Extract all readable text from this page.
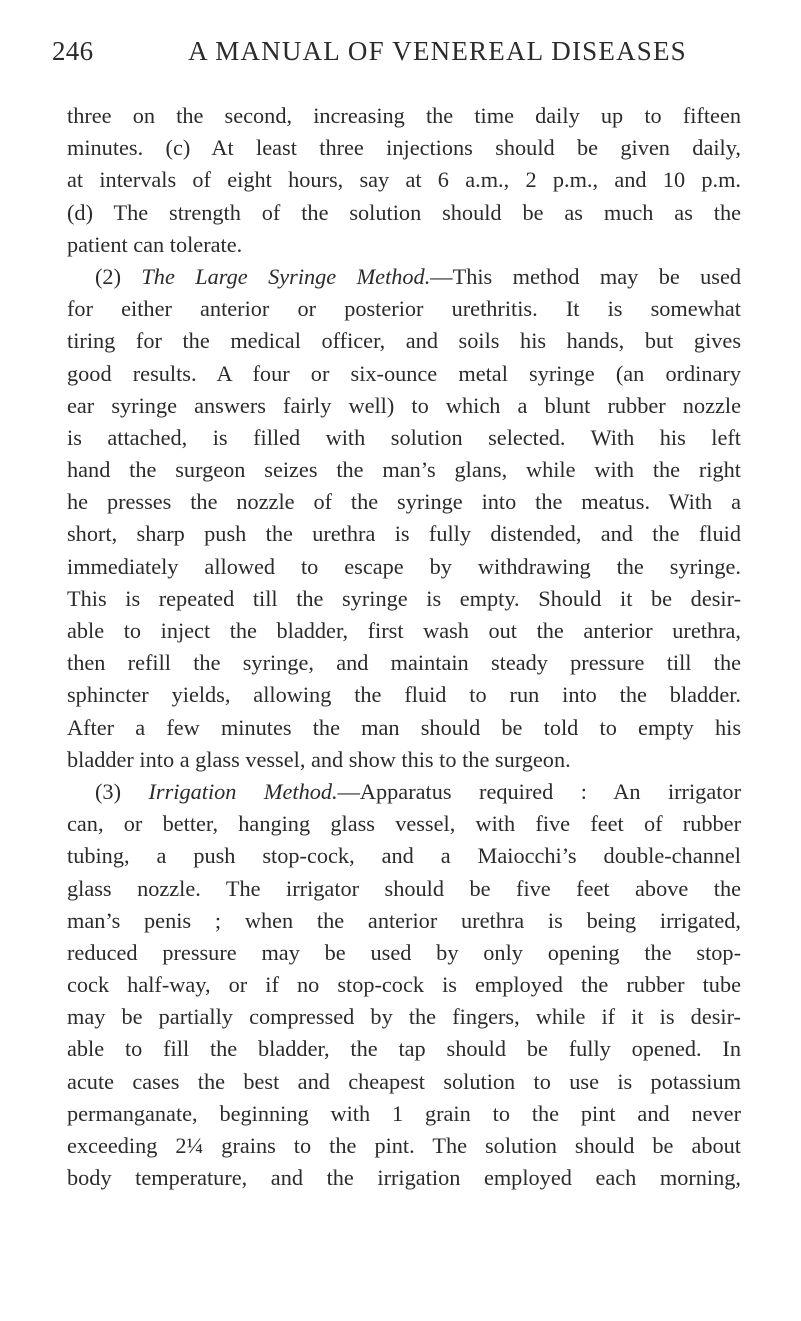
246	A MANUAL OF VENEREAL DISEASES
three on the second, increasing the time daily up to fifteen
minutes. (c) At least three injections should be given daily,
at intervals of eight hours, say at 6 a.m., 2 p.m., and 10 p.m.
(d) The strength of the solution should be as much as the
patient can tolerate.
(2) The Large Syringe Method.—This method may be used
for either anterior or posterior urethritis. It is somewhat
tiring for the medical officer, and soils his hands, but gives
good results. A four or six-ounce metal syringe (an ordinary
ear syringe answers fairly well) to which a blunt rubber nozzle
is attached, is filled with solution selected. With his left
hand the surgeon seizes the man’s glans, while with the right
he presses the nozzle of the syringe into the meatus. With a
short, sharp push the urethra is fully distended, and the fluid
immediately allowed to escape by withdrawing the syringe.
This is repeated till the syringe is empty. Should it be desir-
able to inject the bladder, first wash out the anterior urethra,
then refill the syringe, and maintain steady pressure till the
sphincter yields, allowing the fluid to run into the bladder.
After a few minutes the man should be told to empty his
bladder into a glass vessel, and show this to the surgeon.
(3) Irrigation Method.—Apparatus required : An irrigator
can, or better, hanging glass vessel, with five feet of rubber
tubing, a push stop-cock, and a Maiocchi’s double-channel
glass nozzle. The irrigator should be five feet above the
man’s penis ; when the anterior urethra is being irrigated,
reduced pressure may be used by only opening the stop-
cock half-way, or if no stop-cock is employed the rubber tube
may be partially compressed by the fingers, while if it is desir-
able to fill the bladder, the tap should be fully opened. In
acute cases the best and cheapest solution to use is potassium
permanganate, beginning with 1 grain to the pint and never
exceeding 2¼ grains to the pint. The solution should be about
body temperature, and the irrigation employed each morning,
